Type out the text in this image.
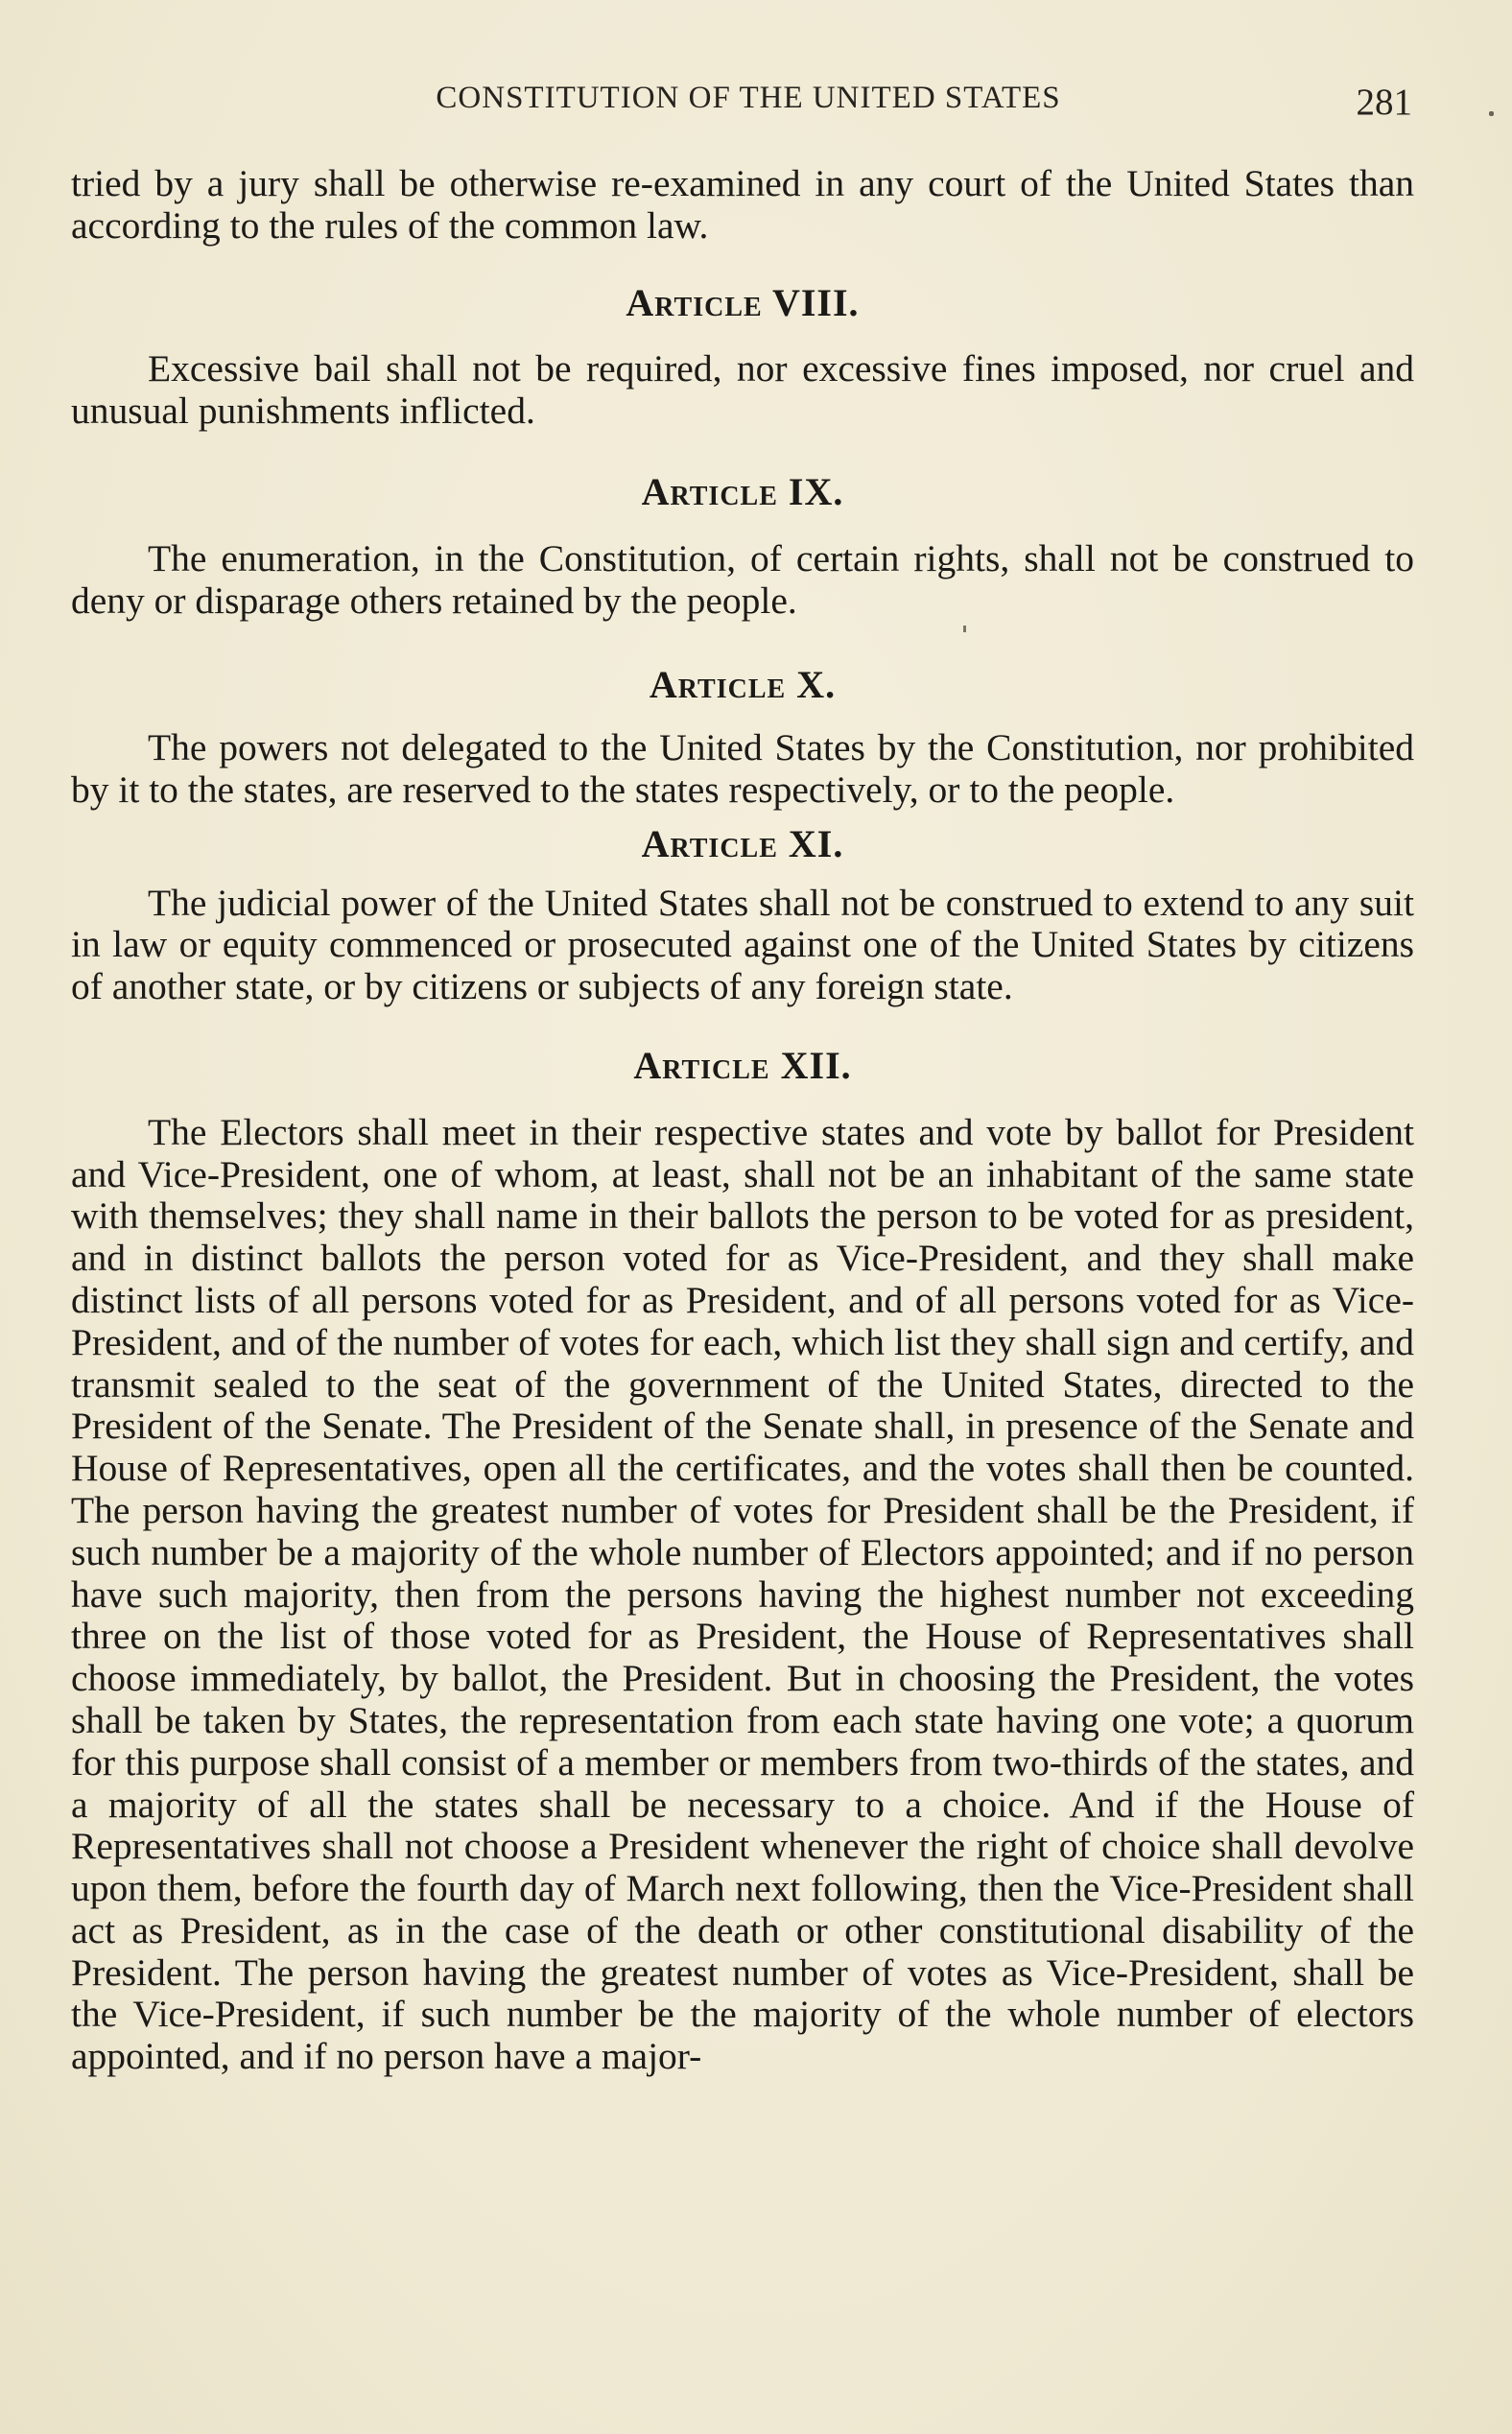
CONSTITUTION OF THE UNITED STATES	281

tried by a jury shall be otherwise re-examined in any court of the United States than according to the rules of the common law.

Article VIII.

Excessive bail shall not be required, nor excessive fines imposed, nor cruel and unusual punishments inflicted.

Article IX.

The enumeration, in the Constitution, of certain rights, shall not be construed to deny or disparage others retained by the people.

Article X.

The powers not delegated to the United States by the Constitution, nor prohibited by it to the states, are reserved to the states respectively, or to the people.

Article XI.

The judicial power of the United States shall not be construed to extend to any suit in law or equity commenced or prosecuted against one of the United States by citizens of another state, or by citizens or subjects of any foreign state.

Article XII.

The Electors shall meet in their respective states and vote by ballot for President and Vice-President, one of whom, at least, shall not be an inhabitant of the same state with themselves; they shall name in their ballots the person to be voted for as president, and in distinct ballots the person voted for as Vice-President, and they shall make distinct lists of all persons voted for as President, and of all persons voted for as Vice-President, and of the number of votes for each, which list they shall sign and certify, and transmit sealed to the seat of the government of the United States, directed to the President of the Senate. The President of the Senate shall, in presence of the Senate and House of Representatives, open all the certificates, and the votes shall then be counted. The person having the greatest number of votes for President shall be the President, if such number be a majority of the whole number of Electors appointed; and if no person have such majority, then from the persons having the highest number not exceeding three on the list of those voted for as President, the House of Representatives shall choose immediately, by ballot, the President. But in choosing the President, the votes shall be taken by States, the representation from each state having one vote; a quorum for this purpose shall consist of a member or members from two-thirds of the states, and a majority of all the states shall be necessary to a choice. And if the House of Representatives shall not choose a President whenever the right of choice shall devolve upon them, before the fourth day of March next following, then the Vice-President shall act as President, as in the case of the death or other constitutional disability of the President. The person having the greatest number of votes as Vice-President, shall be the Vice-President, if such number be the majority of the whole number of electors appointed, and if no person have a major-
